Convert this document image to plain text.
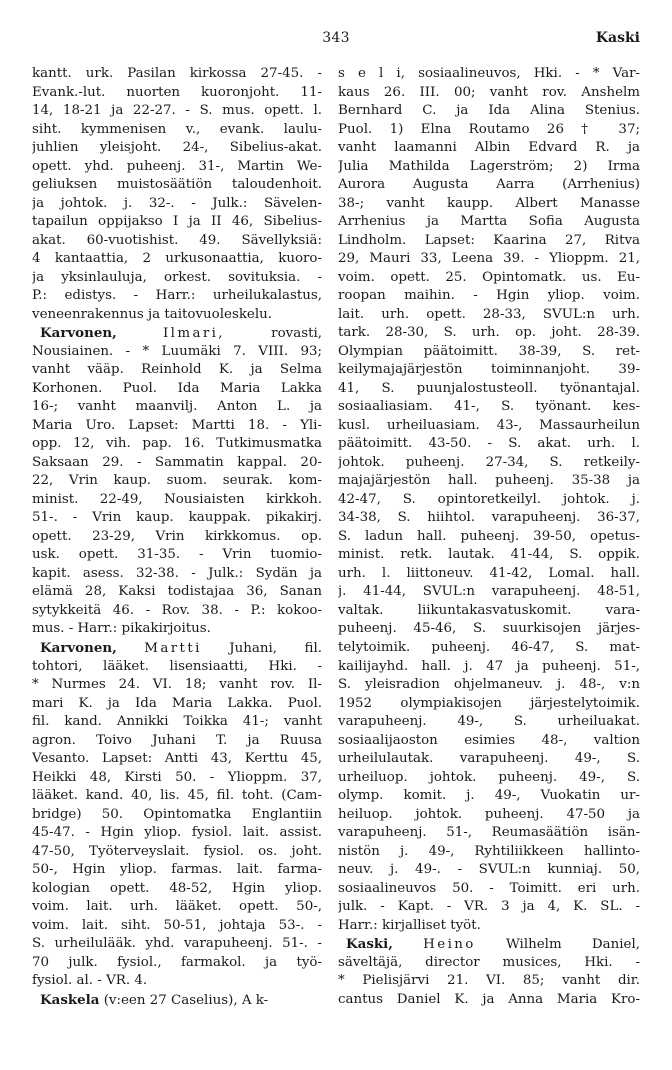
343	Kaski
kantt. urk. Pasilan kirkossa 27-45. -
Evank.-lut. nuorten kuoronjoht. 11-
14, 18-21 ja 22-27. - S. mus. opett. l.
siht. kymmenisen v., evank. laulu-
juhlien yleisjoht. 24-, Sibelius-akat.
opett. yhd. puheenj. 31-, Martin We-
geliuksen muistosäätiön taloudenhoit.
ja johtok. j. 32-. - Julk.: Sävelen-
tapailun oppijakso I ja II 46, Sibelius-
akat. 60-vuotishist. 49. Sävellyksiä:
4 kantaattia, 2 urkusonaattia, kuoro-
ja yksinlauluja, orkest. sovituksia. -
P.: edistys. - Harr.: urheilukalastus,
veneenrakennus ja taitovuoleskelu.
Karvonen,	Ilmari, rovasti,
Nousiainen. - * Luumäki 7. VIII. 93;
vanht vääp. Reinhold K. ja Selma
Korhonen. Puol. Ida Maria Lakka
16-; vanht maanvilj. Anton L. ja
Maria Uro. Lapset: Martti 18. - Yli-
opp. 12, vih. pap. 16. Tutkimusmatka
Saksaan 29. - Sammatin kappal. 20-
22, Vrin kaup. suom. seurak. kom-
minist. 22-49, Nousiaisten kirkkoh.
51-. - Vrin kaup. kauppak. pikakirj.
opett. 23-29, Vrin kirkkomus. op.
usk. opett. 31-35. - Vrin tuomio-
kapit. asess. 32-38. - Julk.: Sydän ja
elämä 28, Kaksi todistajaa 36, Sanan
sytykkeitä 46. - Rov. 38. - P.: kokoo-
mus. - Harr.: pikakirjoitus.
Karvonen, Martti Juhani, fil.
tohtori, lääket. lisensiaatti, Hki. -
* Nurmes 24. VI. 18; vanht rov. Il-
mari K. ja Ida Maria Lakka. Puol.
fil. kand. Annikki Toikka 41-; vanht
agron. Toivo Juhani T. ja Ruusa
Vesanto. Lapset: Antti 43, Kerttu 45,
Heikki 48, Kirsti 50. - Ylioppm. 37,
lääket. kand. 40, lis. 45, fil. toht. (Cam-
bridge) 50. Opintomatka Englantiin
45-47. - Hgin yliop. fysiol. lait. assist.
47-50, Työterveyslait. fysiol. os. joht.
50-, Hgin yliop. farmas. lait. farma-
kologian opett. 48-52, Hgin yliop.
voim. lait. urh. lääket. opett. 50-,
voim. lait. siht. 50-51, johtaja 53-. -
S. urheilulääk. yhd. varapuheenj. 51-. -
70 julk. fysiol., farmakol. ja työ-
fysiol. al. - VR. 4.
Kaskela (v:een 27 Caselius), A k-
s e l i, sosiaalineuvos, Hki. - * Var-
kaus 26. III. 00; vanht rov. Anshelm
Bernhard C. ja Ida Alina Stenius.
Puol. 1) Elna Routamo 26 † 37;
vanht laamanni Albin Edvard R. ja
Julia Mathilda Lagerström; 2) Irma
Aurora Augusta Aarra (Arrhenius)
38-; vanht kaupp. Albert Manasse
Arrhenius ja Martta Sofia Augusta
Lindholm. Lapset: Kaarina 27, Ritva
29, Mauri 33, Leena 39. - Ylioppm. 21,
voim. opett. 25. Opintomatk. us. Eu-
roopan maihin. - Hgin yliop. voim.
lait. urh. opett. 28-33, SVUL:n urh.
tark. 28-30, S. urh. op. joht. 28-39.
Olympian päätoimitt. 38-39, S. ret-
keilymajajärjestön toiminnanjoht. 39-
41, S. puunjalostusteoll. työnantajal.
sosiaaliasiam. 41-, S. työnant. kes-
kusl. urheiluasiam. 43-, Massaurheilun
päätoimitt. 43-50. - S. akat. urh. l.
johtok. puheenj. 27-34, S. retkeily-
majajärjestön hall. puheenj. 35-38 ja
42-47, S. opintoretkeilyl. johtok. j.
34-38, S. hiihtol. varapuheenj. 36-37,
S. ladun hall. puheenj. 39-50, opetus-
minist. retk. lautak. 41-44, S. oppik.
urh. l. liittoneuv. 41-42, Lomal. hall.
j. 41-44, SVUL:n varapuheenj. 48-51,
valtak. liikuntakasvatuskomit. vara-
puheenj. 45-46, S. suurkisojen järjes-
telytoimik. puheenj. 46-47, S. mat-
kailijayhd. hall. j. 47 ja puheenj. 51-,
S. yleisradion ohjelmaneuv. j. 48-, v:n
1952 olympiakisojen järjestelytoimik.
varapuheenj. 49-, S. urheiluakat.
sosiaalijaoston esimies 48-, valtion
urheilulautak. varapuheenj. 49-, S.
urheiluop. johtok. puheenj. 49-, S.
olymp. komit. j. 49-, Vuokatin ur-
heiluop. johtok. puheenj. 47-50 ja
varapuheenj. 51-, Reumasäätiön isän-
nistön j. 49-, Ryhtiliikkeen hallinto-
neuv. j. 49-. - SVUL:n kunniaj. 50,
sosiaalineuvos 50. - Toimitt. eri urh.
julk. - Kapt. - VR. 3 ja 4, K. SL. -
Harr.: kirjalliset työt.
Kaski, Heino Wilhelm Daniel,
säveltäjä, director musices, Hki. -
* Pielisjärvi 21. VI. 85; vanht dir.
cantus Daniel K. ja Anna Maria Kro-
